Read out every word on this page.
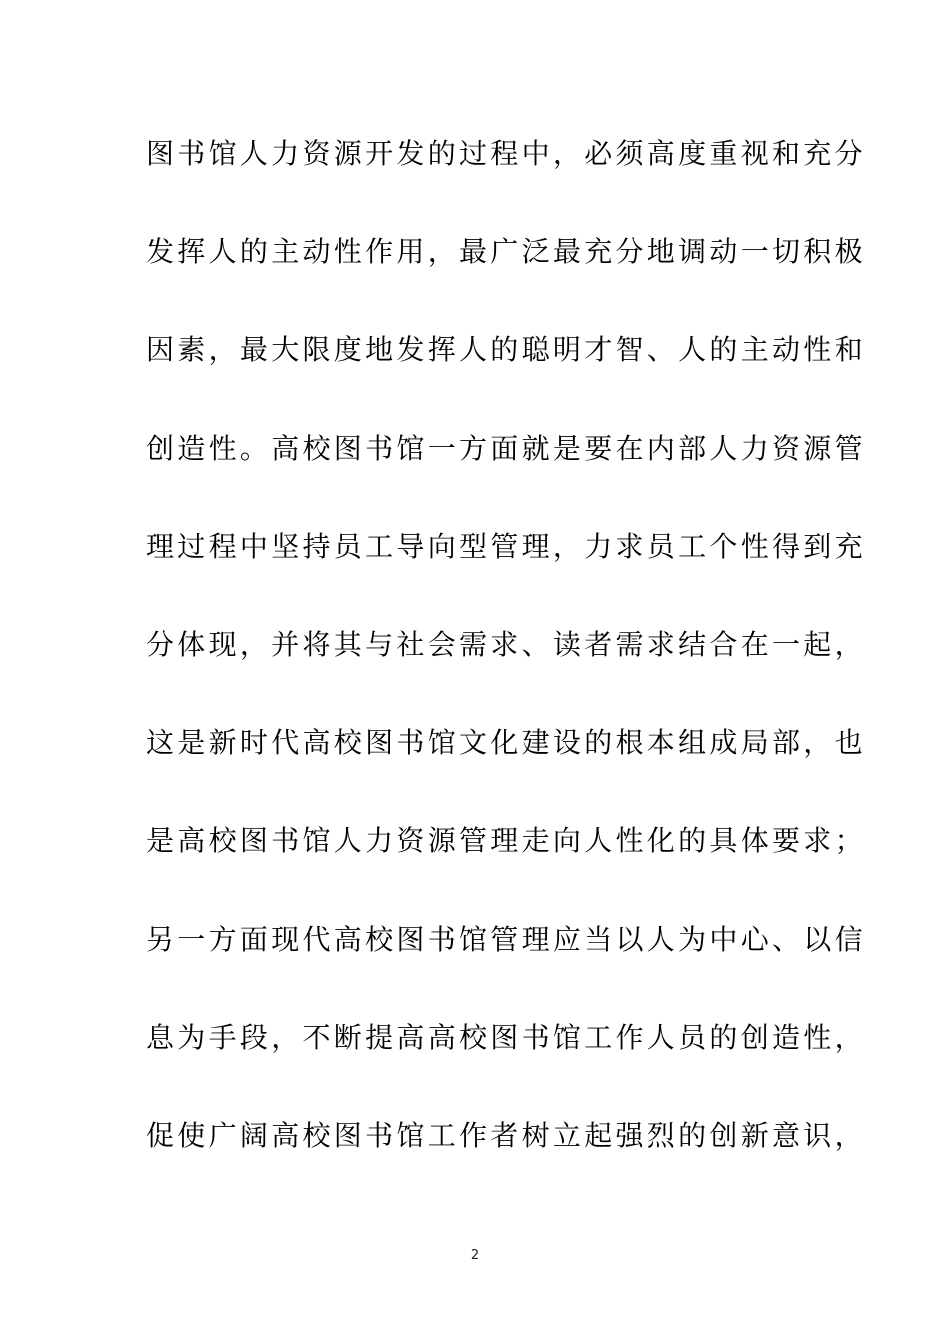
图书馆人力资源开发的过程中，必须高度重视和充分
发挥人的主动性作用，最广泛最充分地调动一切积极
因素，最大限度地发挥人的聪明才智、人的主动性和
创造性。高校图书馆一方面就是要在内部人力资源管
理过程中坚持员工导向型管理，力求员工个性得到充
分体现，并将其与社会需求、读者需求结合在一起，
这是新时代高校图书馆文化建设的根本组成局部，也
是高校图书馆人力资源管理走向人性化的具体要求；
另一方面现代高校图书馆管理应当以人为中心、以信
息为手段，不断提高高校图书馆工作人员的创造性，
促使广阔高校图书馆工作者树立起强烈的创新意识，
2
